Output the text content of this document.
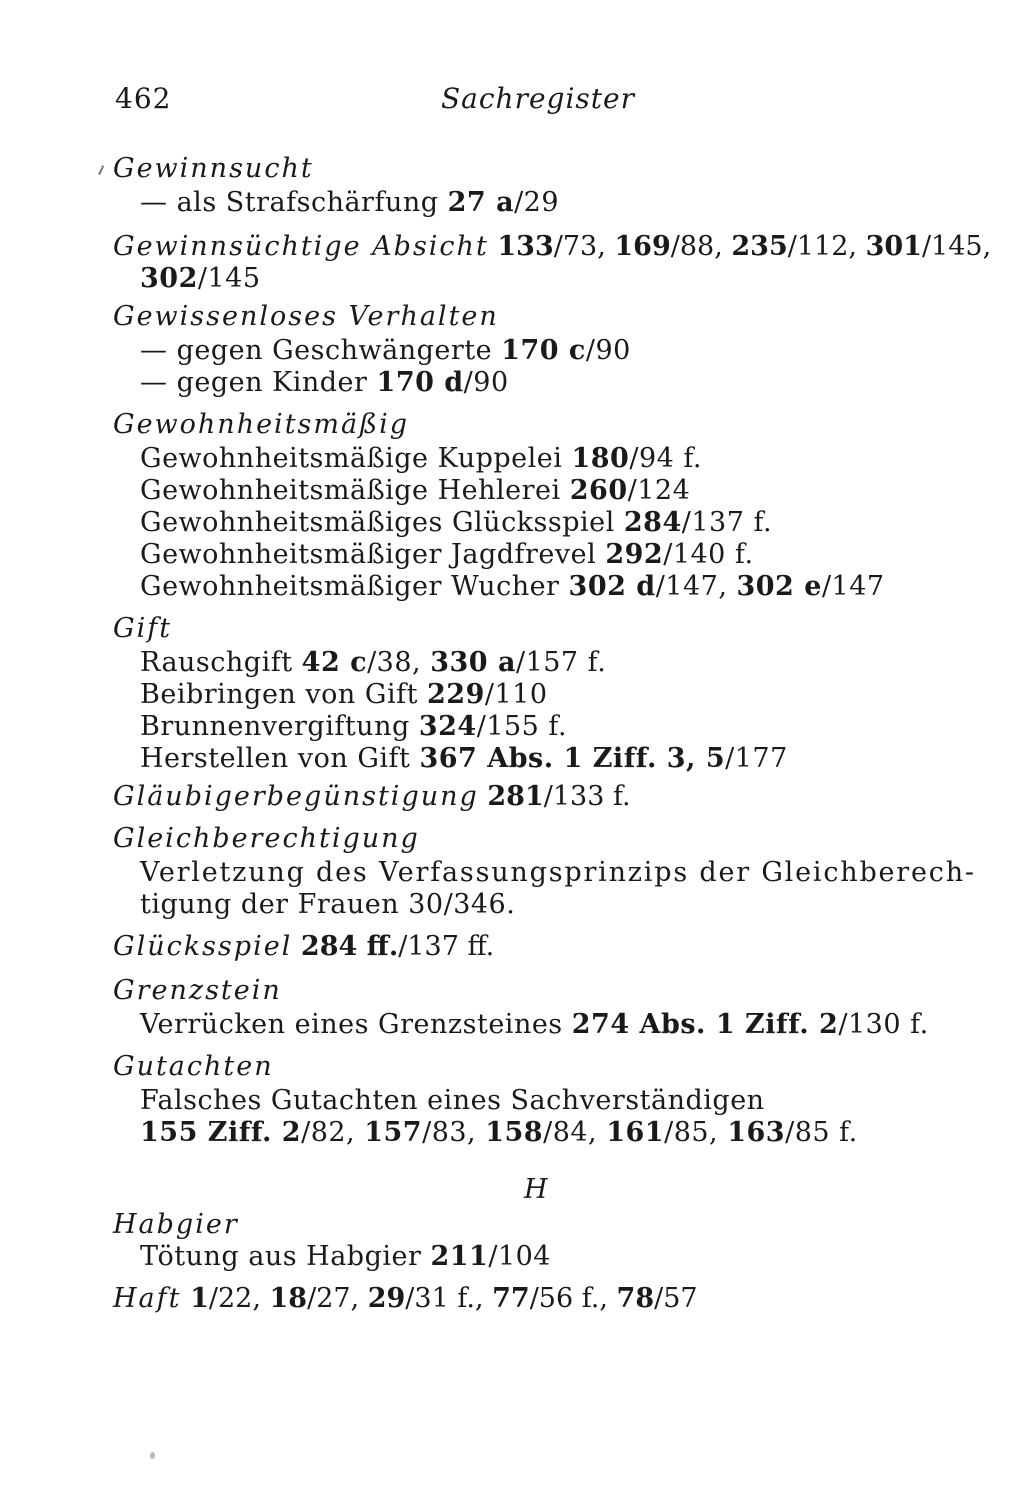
462	Sachregister
Gewinnsucht
— als Strafschärfung 27 a/29
Gewinnsüchtige Absicht 133/73, 169/88, 235/112, 301/145,
302/145
Gewissenloses Verhalten
— gegen Geschwängerte 170 c/90
— gegen Kinder 170 d/90
Gewohnheitsmäßig
Gewohnheitsmäßige Kuppelei 180/94 f.
Gewohnheitsmäßige Hehlerei 260/124
Gewohnheitsmäßiges Glücksspiel 284/137 f.
Gewohnheitsmäßiger Jagdfrevel 292/140 f.
Gewohnheitsmäßiger Wucher 302 d/147, 302 e/147
Gift
Rauschgift 42 c/38, 330 a/157 f.
Beibringen von Gift 229/110
Brunnenvergiftung 324/155 f.
Herstellen von Gift 367 Abs. 1 Ziff. 3, 5/177
Gläubigerbegünstigung 281/133 f.
Gleichberechtigung
Verletzung des Verfassungsprinzips der Gleichberech-
tigung der Frauen 30/346.
Glücksspiel 284 ff./137 ff.
Grenzstein
Verrücken eines Grenzsteines 274 Abs. 1 Ziff. 2/130 f.
Gutachten
Falsches Gutachten eines Sachverständigen
155 Ziff. 2/82, 157/83, 158/84, 161/85, 163/85 f.
H
Habgier
Tötung aus Habgier 211/104
Haft 1/22, 18/27, 29/31 f., 77/56 f., 78/57
